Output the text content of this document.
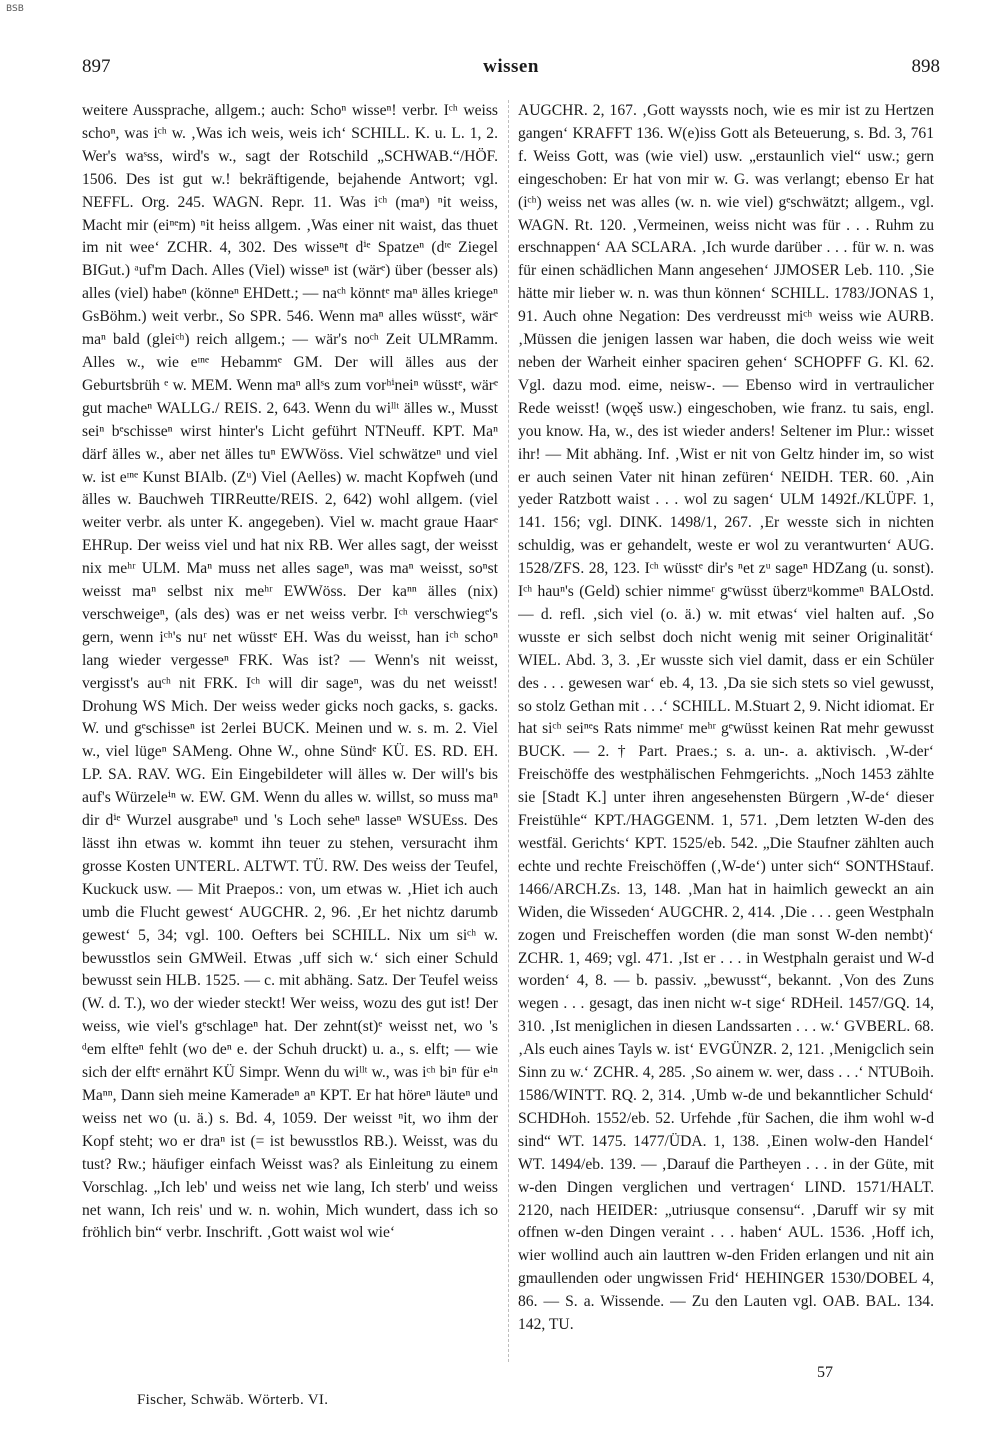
BSB
897	wissen	898

weitere Aussprache, allgem.; auch: Schoⁿ wisseⁿ! verbr. Iᶜʰ weiss schoⁿ, was iᶜʰ w. ‚Was ich weis, weis ich‘ SCHILL. K. u. L. 1, 2. Wer's waˢss, wird's w., sagt der Rotschild „SCHWAB.“/HÖF. 1506. Des ist gut w.! bekräftigende, bejahende Antwort; vgl. NEFFL. Org. 245. WAGN. Repr. 11. Was iᶜʰ (maⁿ) ⁿit weiss, Macht mir (eiⁿᵉm) ⁿit heiss allgem. ‚Was einer nit waist, das thuet im nit wee‘ ZCHR. 4, 302. Des wisseⁿt dⁱᵉ Spatzeⁿ (dᶦᵉ Ziegel BIGut.) ᵃuf'm Dach. Alles (Viel) wisseⁿ ist (wärᵉ) über (besser als) alles (viel) habeⁿ (könneⁿ EHDett.; — naᶜʰ könntᵉ maⁿ älles kriegeⁿ GsBöhm.) weit verbr., So SPR. 546. Wenn maⁿ alles wüsstᵉ, wärᵉ maⁿ bald (gleiᶜʰ) reich allgem.; — wär's noᶜʰ Zeit ULMRamm. Alles w., wie eᶦⁿᵉ Hebammᵉ GM. Der will älles aus der Geburtsbrüh ᵉ w. MEM. Wenn maⁿ allˢs zum vorʰⁱneiⁿ wüsstᵉ, wärᵉ gut macheⁿ WALLG./ REIS. 2, 643. Wenn du wiˡˡᵗ älles w., Musst seiⁿ bᵉschisseⁿ wirst hinter's Licht geführt NTNeuff. KPT. Maⁿ därf älles w., aber net älles tuⁿ EWWöss. Viel schwätzeⁿ und viel w. ist eᶦⁿᵉ Kunst BIAlb. (Zᵘ) Viel (Aelles) w. macht Kopfweh (und älles w. Bauchweh TIRReutte/REIS. 2, 642) wohl allgem. (viel weiter verbr. als unter K. angegeben). Viel w. macht graue Haarᵉ EHRup. Der weiss viel und hat nix RB. Wer alles sagt, der weisst nix meʰʳ ULM. Maⁿ muss net alles sageⁿ, was maⁿ weisst, soⁿst weisst maⁿ selbst nix meʰʳ EWWöss. Der kaⁿⁿ älles (nix) verschweigeⁿ, (als des) was er net weiss verbr. Iᶜʰ verschwiegᵉ's gern, wenn iᶜʰ's nuʳ net wüsstᵉ EH. Was du weisst, han iᶜʰ schoⁿ lang wieder vergesseⁿ FRK. Was ist? — Wenn's nit weisst, vergisst's auᶜʰ nit FRK. Iᶜʰ will dir sageⁿ, was du net weisst! Drohung WS Mich. Der weiss weder gicks noch gacks, s. gacks. W. und gᵉschisseⁿ ist 2erlei BUCK. Meinen und w. s. m. 2. Viel w., viel lügeⁿ SAMeng. Ohne W., ohne Sündᵉ KÜ. ES. RD. EH. LP. SA. RAV. WG. Ein Eingebildeter will älles w. Der will's bis auf's Würzeleⁱⁿ w. EW. GM. Wenn du alles w. willst, so muss maⁿ dir dⁱᵉ Wurzel ausgrabeⁿ und 's Loch seheⁿ lasseⁿ WSUEss. Des lässt ihn etwas w. kommt ihn teuer zu stehen, versuracht ihm grosse Kosten UNTERL. ALTWT. TÜ. RW. Des weiss der Teufel, Kuckuck usw. — Mit Praepos.: von, um etwas w. ‚Hiet ich auch umb die Flucht gewest‘ AUGCHR. 2, 96. ‚Er het nichtz darumb gewest‘ 5, 34; vgl. 100. Oefters bei SCHILL. Nix um siᶜʰ w. bewusstlos sein GMWeil. Etwas ‚uff sich w.‘ sich einer Schuld bewusst sein HLB. 1525. — c. mit abhäng. Satz. Der Teufel weiss (W. d. T.), wo der wieder steckt! Wer weiss, wozu des gut ist! Der weiss, wie viel's gᵉschlageⁿ hat. Der zehnt(st)ᵉ weisst net, wo 's ᵈem elfteⁿ fehlt (wo deⁿ e. der Schuh druckt) u. a., s. elft; — wie sich der elftᵉ ernährt KÜ Simpr. Wenn du wiˡˡᵗ w., was iᶜʰ biⁿ für eⁱⁿ Maⁿⁿ, Dann sieh meine Kameradeⁿ aⁿ KPT. Er hat höreⁿ läuteⁿ und weiss net wo (u. ä.) s. Bd. 4, 1059. Der weisst ⁿit, wo ihm der Kopf steht; wo er draⁿ ist (= ist bewusstlos RB.). Weisst, was du tust? Rw.; häufiger einfach Weisst was? als Einleitung zu einem Vorschlag. „Ich leb' und weiss net wie lang, Ich sterb' und weiss net wann, Ich reis' und w. n. wohin, Mich wundert, dass ich so fröhlich bin“ verbr. Inschrift. ‚Gott waist wol wie‘

AUGCHR. 2, 167. ‚Gott wayssts noch, wie es mir ist zu Hertzen gangen‘ KRAFFT 136. W(e)iss Gott als Beteuerung, s. Bd. 3, 761 f. Weiss Gott, was (wie viel) usw. „erstaunlich viel“ usw.; gern eingeschoben: Er hat von mir w. G. was verlangt; ebenso Er hat (iᶜʰ) weiss net was alles (w. n. wie viel) gᵉschwätzt; allgem., vgl. WAGN. Rt. 120. ‚Vermeinen, weiss nicht was für . . . Ruhm zu erschnappen‘ AA SCLARA. ‚Ich wurde darüber . . . für w. n. was für einen schädlichen Mann angesehen‘ JJMOSER Leb. 110. ‚Sie hätte mir lieber w. n. was thun können‘ SCHILL. 1783/JONAS 1, 91. Auch ohne Negation: Des verdreusst miᶜʰ weiss wie AURB. ‚Müssen die jenigen lassen war haben, die doch weiss wie weit neben der Warheit einher spaciren gehen‘ SCHOPFF G. Kl. 62. Vgl. dazu mod. eime, neisw-. — Ebenso wird in vertraulicher Rede weisst! (wǫęš usw.) eingeschoben, wie franz. tu sais, engl. you know. Ha, w., des ist wieder anders! Seltener im Plur.: wisset ihr! — Mit abhäng. Inf. ‚Wist er nit von Geltz hinder im, so wist er auch seinen Vater nit hinan zefüren‘ NEIDH. TER. 60. ‚Ain yeder Ratzbott waist . . . wol zu sagen‘ ULM 1492f./KLÜPF. 1, 141. 156; vgl. DINK. 1498/1, 267. ‚Er wesste sich in nichten schuldig, was er gehandelt, weste er wol zu verantwurten‘ AUG. 1528/ZFS. 28, 123. Iᶜʰ wüsstᵉ dir's ⁿet zᵘ sageⁿ HDZang (u. sonst). Iᶜʰ hauⁿ's (Geld) schier nimmeʳ gᵉwüsst überzᵘkommeⁿ BALOstd. — d. refl. ‚sich viel (o. ä.) w. mit etwas‘ viel halten auf. ‚So wusste er sich selbst doch nicht wenig mit seiner Originalität‘ WIEL. Abd. 3, 3. ‚Er wusste sich viel damit, dass er ein Schüler des . . . gewesen war‘ eb. 4, 13. ‚Da sie sich stets so viel gewusst, so stolz Gethan mit . . .‘ SCHILL. M.Stuart 2, 9. Nicht idiomat. Er hat siᶜʰ seiⁿᵉs Rats nimmeʳ meʰʳ gᵉwüsst keinen Rat mehr gewusst BUCK. — 2. † Part. Praes.; s. a. un-. a. aktivisch. ‚W-der‘ Freischöffe des westphälischen Fehmgerichts. „Noch 1453 zählte sie [Stadt K.] unter ihren angesehensten Bürgern ‚W-de‘ dieser Freistühle“ KPT./HAGGENM. 1, 571. ‚Dem letzten W-den des westfäl. Gerichts‘ KPT. 1525/eb. 542. „Die Staufner zählten auch echte und rechte Freischöffen (‚W-de‘) unter sich“ SONTHStauf. 1466/ARCH.Zs. 13, 148. ‚Man hat in haimlich geweckt an ain Widen, die Wisseden‘ AUGCHR. 2, 414. ‚Die . . . geen Westphaln zogen und Freischeffen worden (die man sonst W-den nembt)‘ ZCHR. 1, 469; vgl. 471. ‚Ist er . . . in Westphaln geraist und W-d worden‘ 4, 8. — b. passiv. „bewusst“, bekannt. ‚Von des Zuns wegen . . . gesagt, das inen nicht w-t sige‘ RDHeil. 1457/GQ. 14, 310. ‚Ist meniglichen in diesen Landssarten . . . w.‘ GVBERL. 68. ‚Als euch aines Tayls w. ist‘ EVGÜNZR. 2, 121. ‚Menigclich sein Sinn zu w.‘ ZCHR. 4, 285. ‚So ainem w. wer, dass . . .‘ NTUBoih. 1586/WINTT. RQ. 2, 314. ‚Umb w-de und bekanntlicher Schuld‘ SCHDHoh. 1552/eb. 52. Urfehde ‚für Sachen, die ihm wohl w-d sind“ WT. 1475. 1477/ÜDA. 1, 138. ‚Einen wolw-den Handel‘ WT. 1494/eb. 139. — ‚Darauf die Partheyen . . . in der Güte, mit w-den Dingen verglichen und vertragen‘ LIND. 1571/HALT. 2120, nach HEIDER: „utriusque consensu“. ‚Daruff wir sy mit offnen w-den Dingen veraint . . . haben‘ AUL. 1536. ‚Hoff ich, wier wollind auch ain lauttren w-den Friden erlangen und nit ain gmaullenden oder ungwissen Frid‘ HEHINGER 1530/DOBEL 4, 86. — S. a. Wissende. — Zu den Lauten vgl. OAB. BAL. 134. 142, TU.

Fischer, Schwäb. Wörterb. VI.
57
